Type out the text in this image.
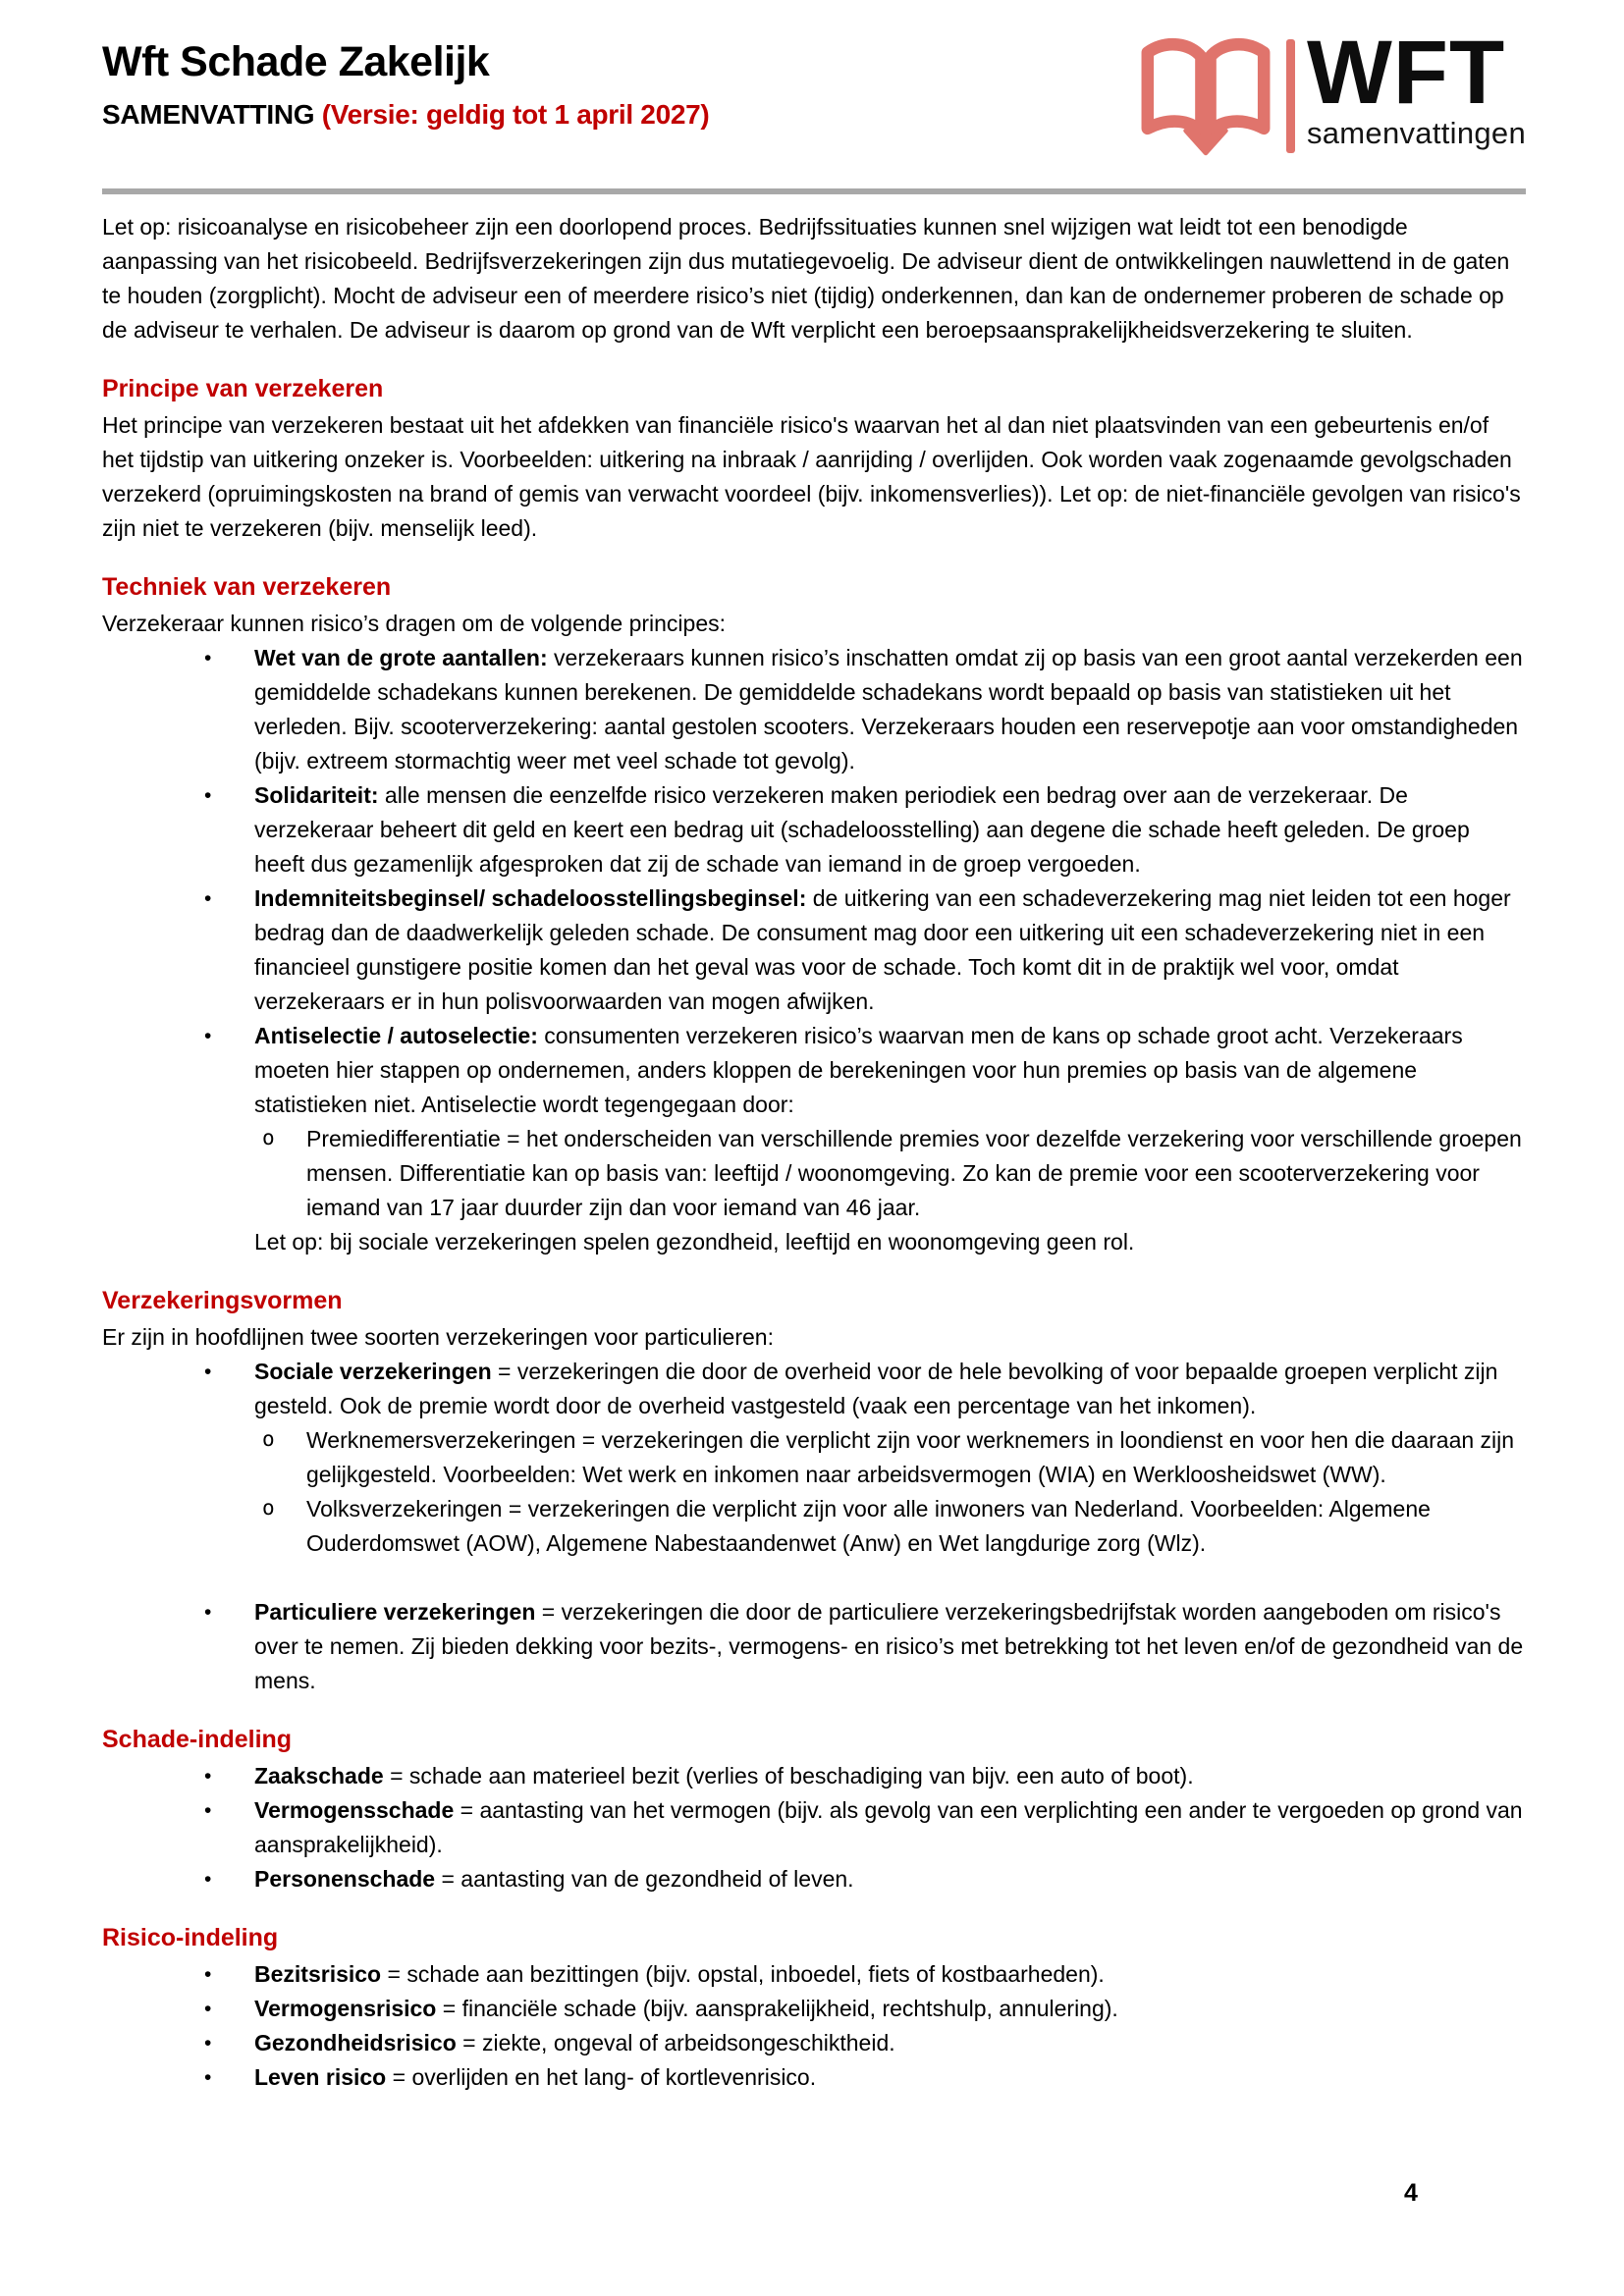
Wft Schade Zakelijk
SAMENVATTING (Versie: geldig tot 1 april 2027)	WFT
samenvattingen

Let op: risicoanalyse en risicobeheer zijn een doorlopend proces. Bedrijfssituaties kunnen snel wijzigen wat leidt tot een benodigde aanpassing van het risicobeeld. Bedrijfsverzekeringen zijn dus mutatiegevoelig. De adviseur dient de ontwikkelingen nauwlettend in de gaten te houden (zorgplicht). Mocht de adviseur een of meerdere risico’s niet (tijdig) onderkennen, dan kan de ondernemer proberen de schade op de adviseur te verhalen. De adviseur is daarom op grond van de Wft verplicht een beroepsaansprakelijkheidsverzekering te sluiten.

Principe van verzekeren

Het principe van verzekeren bestaat uit het afdekken van financiële risico's waarvan het al dan niet plaatsvinden van een gebeurtenis en/of het tijdstip van uitkering onzeker is. Voorbeelden: uitkering na inbraak / aanrijding / overlijden. Ook worden vaak zogenaamde gevolgschaden verzekerd (opruimingskosten na brand of gemis van verwacht voordeel (bijv. inkomensverlies)). Let op: de niet-financiële gevolgen van risico's zijn niet te verzekeren (bijv. menselijk leed).

Techniek van verzekeren

Verzekeraar kunnen risico’s dragen om de volgende principes:

• Wet van de grote aantallen: verzekeraars kunnen risico’s inschatten omdat zij op basis van een groot aantal verzekerden een gemiddelde schadekans kunnen berekenen. De gemiddelde schadekans wordt bepaald op basis van statistieken uit het verleden. Bijv. scooterverzekering: aantal gestolen scooters. Verzekeraars houden een reservepotje aan voor omstandigheden (bijv. extreem stormachtig weer met veel schade tot gevolg).
• Solidariteit: alle mensen die eenzelfde risico verzekeren maken periodiek een bedrag over aan de verzekeraar. De verzekeraar beheert dit geld en keert een bedrag uit (schadeloosstelling) aan degene die schade heeft geleden. De groep heeft dus gezamenlijk afgesproken dat zij de schade van iemand in de groep vergoeden.
• Indemniteitsbeginsel/ schadeloosstellingsbeginsel: de uitkering van een schadeverzekering mag niet leiden tot een hoger bedrag dan de daadwerkelijk geleden schade. De consument mag door een uitkering uit een schadeverzekering niet in een financieel gunstigere positie komen dan het geval was voor de schade. Toch komt dit in de praktijk wel voor, omdat verzekeraars er in hun polisvoorwaarden van mogen afwijken.
• Antiselectie / autoselectie: consumenten verzekeren risico’s waarvan men de kans op schade groot acht. Verzekeraars moeten hier stappen op ondernemen, anders kloppen de berekeningen voor hun premies op basis van de algemene statistieken niet. Antiselectie wordt tegengegaan door:
o Premiedifferentiatie = het onderscheiden van verschillende premies voor dezelfde verzekering voor verschillende groepen mensen. Differentiatie kan op basis van: leeftijd / woonomgeving. Zo kan de premie voor een scooterverzekering voor iemand van 17 jaar duurder zijn dan voor iemand van 46 jaar.
Let op: bij sociale verzekeringen spelen gezondheid, leeftijd en woonomgeving geen rol.
Verzekeringsvormen

Er zijn in hoofdlijnen twee soorten verzekeringen voor particulieren:

• Sociale verzekeringen = verzekeringen die door de overheid voor de hele bevolking of voor bepaalde groepen verplicht zijn gesteld. Ook de premie wordt door de overheid vastgesteld (vaak een percentage van het inkomen).
o Werknemersverzekeringen = verzekeringen die verplicht zijn voor werknemers in loondienst en voor hen die daaraan zijn gelijkgesteld. Voorbeelden: Wet werk en inkomen naar arbeidsvermogen (WIA) en Werkloosheidswet (WW).
o Volksverzekeringen = verzekeringen die verplicht zijn voor alle inwoners van Nederland. Voorbeelden: Algemene Ouderdomswet (AOW), Algemene Nabestaandenwet (Anw) en Wet langdurige zorg (Wlz).
• Particuliere verzekeringen = verzekeringen die door de particuliere verzekeringsbedrijfstak worden aangeboden om risico's over te nemen. Zij bieden dekking voor bezits-, vermogens- en risico’s met betrekking tot het leven en/of de gezondheid van de mens.
Schade-indeling
• Zaakschade = schade aan materieel bezit (verlies of beschadiging van bijv. een auto of boot).
• Vermogensschade = aantasting van het vermogen (bijv. als gevolg van een verplichting een ander te vergoeden op grond van aansprakelijkheid).
• Personenschade = aantasting van de gezondheid of leven.
Risico-indeling
• Bezitsrisico = schade aan bezittingen (bijv. opstal, inboedel, fiets of kostbaarheden).
• Vermogensrisico = financiële schade (bijv. aansprakelijkheid, rechtshulp, annulering).
• Gezondheidsrisico = ziekte, ongeval of arbeidsongeschiktheid.
• Leven risico = overlijden en het lang- of kortlevenrisico.
4
